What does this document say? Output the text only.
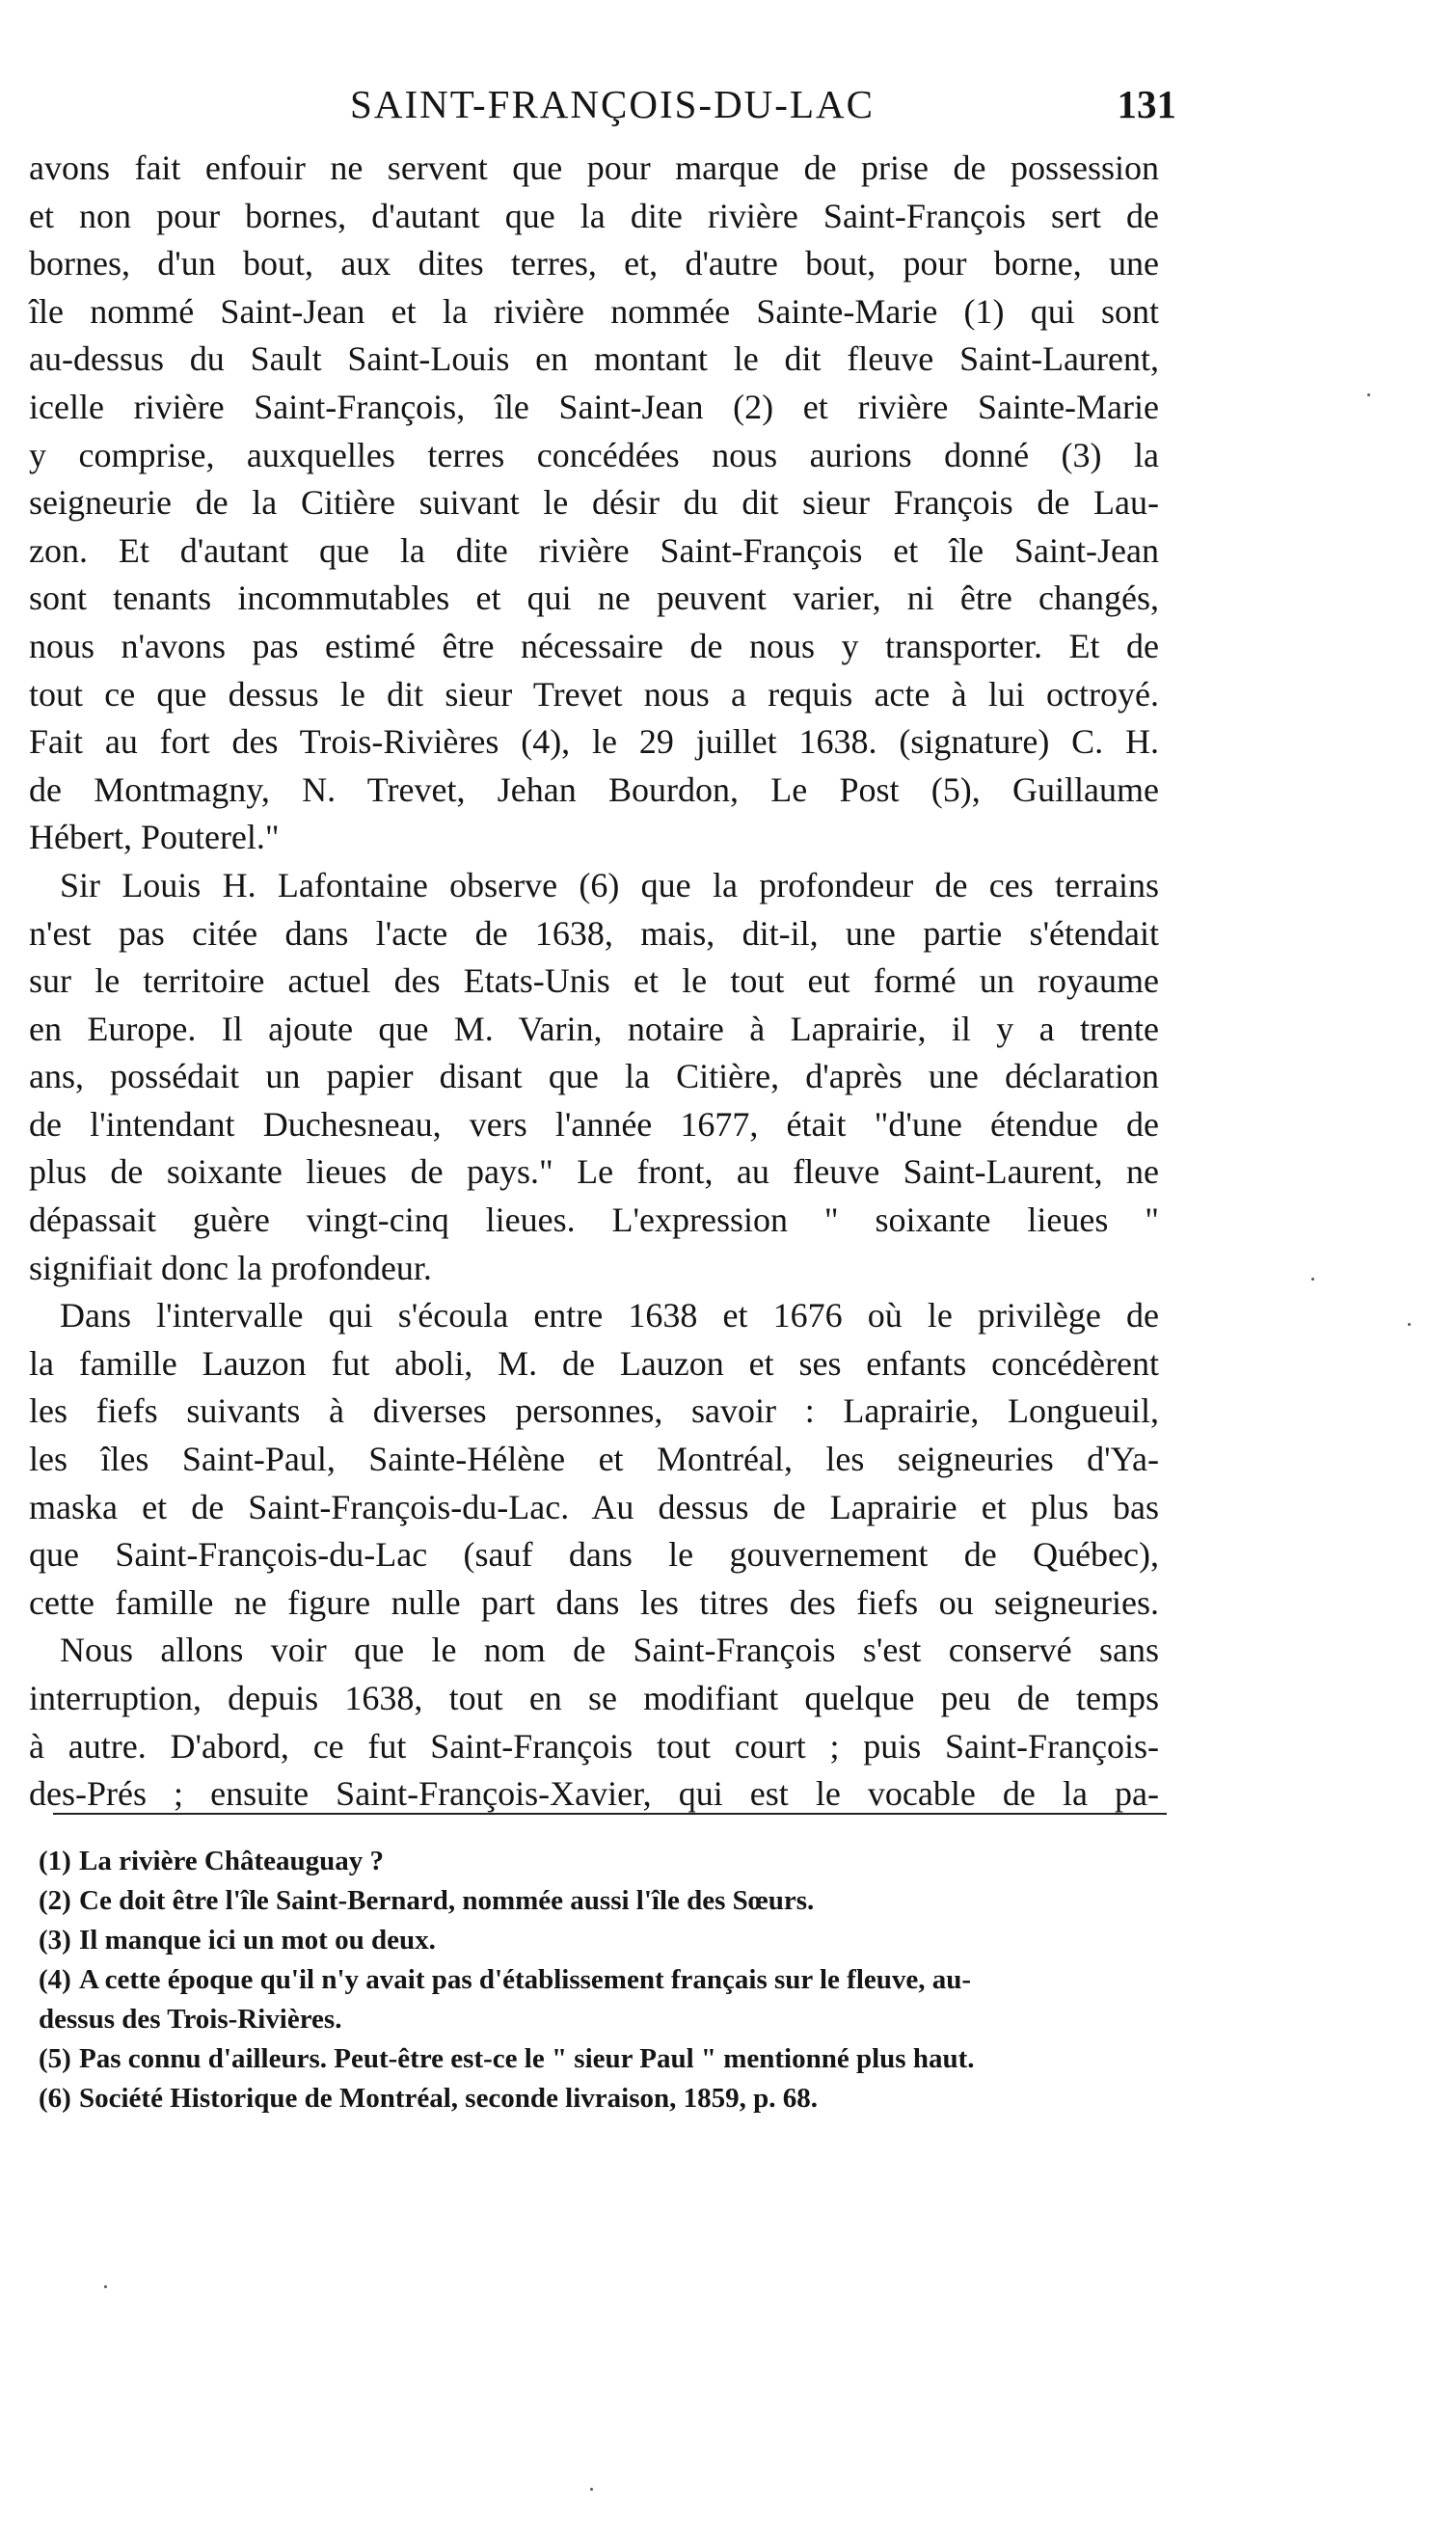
SAINT-FRANÇOIS-DU-LAC	131
avons fait enfouir ne servent que pour marque de prise de possession
et non pour bornes, d'autant que la dite rivière Saint-François sert de
bornes, d'un bout, aux dites terres, et, d'autre bout, pour borne, une
île nommé Saint-Jean et la rivière nommée Sainte-Marie (1) qui sont
au-dessus du Sault Saint-Louis en montant le dit fleuve Saint-Laurent,
icelle rivière Saint-François, île Saint-Jean (2) et rivière Sainte-Marie
y comprise, auxquelles terres concédées nous aurions donné (3) la
seigneurie de la Citière suivant le désir du dit sieur François de Lau-
zon. Et d'autant que la dite rivière Saint-François et île Saint-Jean
sont tenants incommutables et qui ne peuvent varier, ni être changés,
nous n'avons pas estimé être nécessaire de nous y transporter. Et de
tout ce que dessus le dit sieur Trevet nous a requis acte à lui octroyé.
Fait au fort des Trois-Rivières (4), le 29 juillet 1638. (signature) C. H.
de Montmagny, N. Trevet, Jehan Bourdon, Le Post (5), Guillaume
Hébert, Pouterel."
Sir Louis H. Lafontaine observe (6) que la profondeur de ces terrains
n'est pas citée dans l'acte de 1638, mais, dit-il, une partie s'étendait
sur le territoire actuel des Etats-Unis et le tout eut formé un royaume
en Europe. Il ajoute que M. Varin, notaire à Laprairie, il y a trente
ans, possédait un papier disant que la Citière, d'après une déclaration
de l'intendant Duchesneau, vers l'année 1677, était "d'une étendue de
plus de soixante lieues de pays." Le front, au fleuve Saint-Laurent, ne
dépassait guère vingt-cinq lieues. L'expression " soixante lieues "
signifiait donc la profondeur.
Dans l'intervalle qui s'écoula entre 1638 et 1676 où le privilège de
la famille Lauzon fut aboli, M. de Lauzon et ses enfants concédèrent
les fiefs suivants à diverses personnes, savoir : Laprairie, Longueuil,
les îles Saint-Paul, Sainte-Hélène et Montréal, les seigneuries d'Ya-
maska et de Saint-François-du-Lac. Au dessus de Laprairie et plus bas
que Saint-François-du-Lac (sauf dans le gouvernement de Québec),
cette famille ne figure nulle part dans les titres des fiefs ou seigneuries.
Nous allons voir que le nom de Saint-François s'est conservé sans
interruption, depuis 1638, tout en se modifiant quelque peu de temps
à autre. D'abord, ce fut Saint-François tout court ; puis Saint-François-
des-Prés ; ensuite Saint-François-Xavier, qui est le vocable de la pa-
(1) La rivière Châteauguay ?
(2) Ce doit être l'île Saint-Bernard, nommée aussi l'île des Sœurs.
(3) Il manque ici un mot ou deux.
(4) A cette époque qu'il n'y avait pas d'établissement français sur le fleuve, au-
dessus des Trois-Rivières.
(5) Pas connu d'ailleurs. Peut-être est-ce le " sieur Paul " mentionné plus haut.
(6) Société Historique de Montréal, seconde livraison, 1859, p. 68.
